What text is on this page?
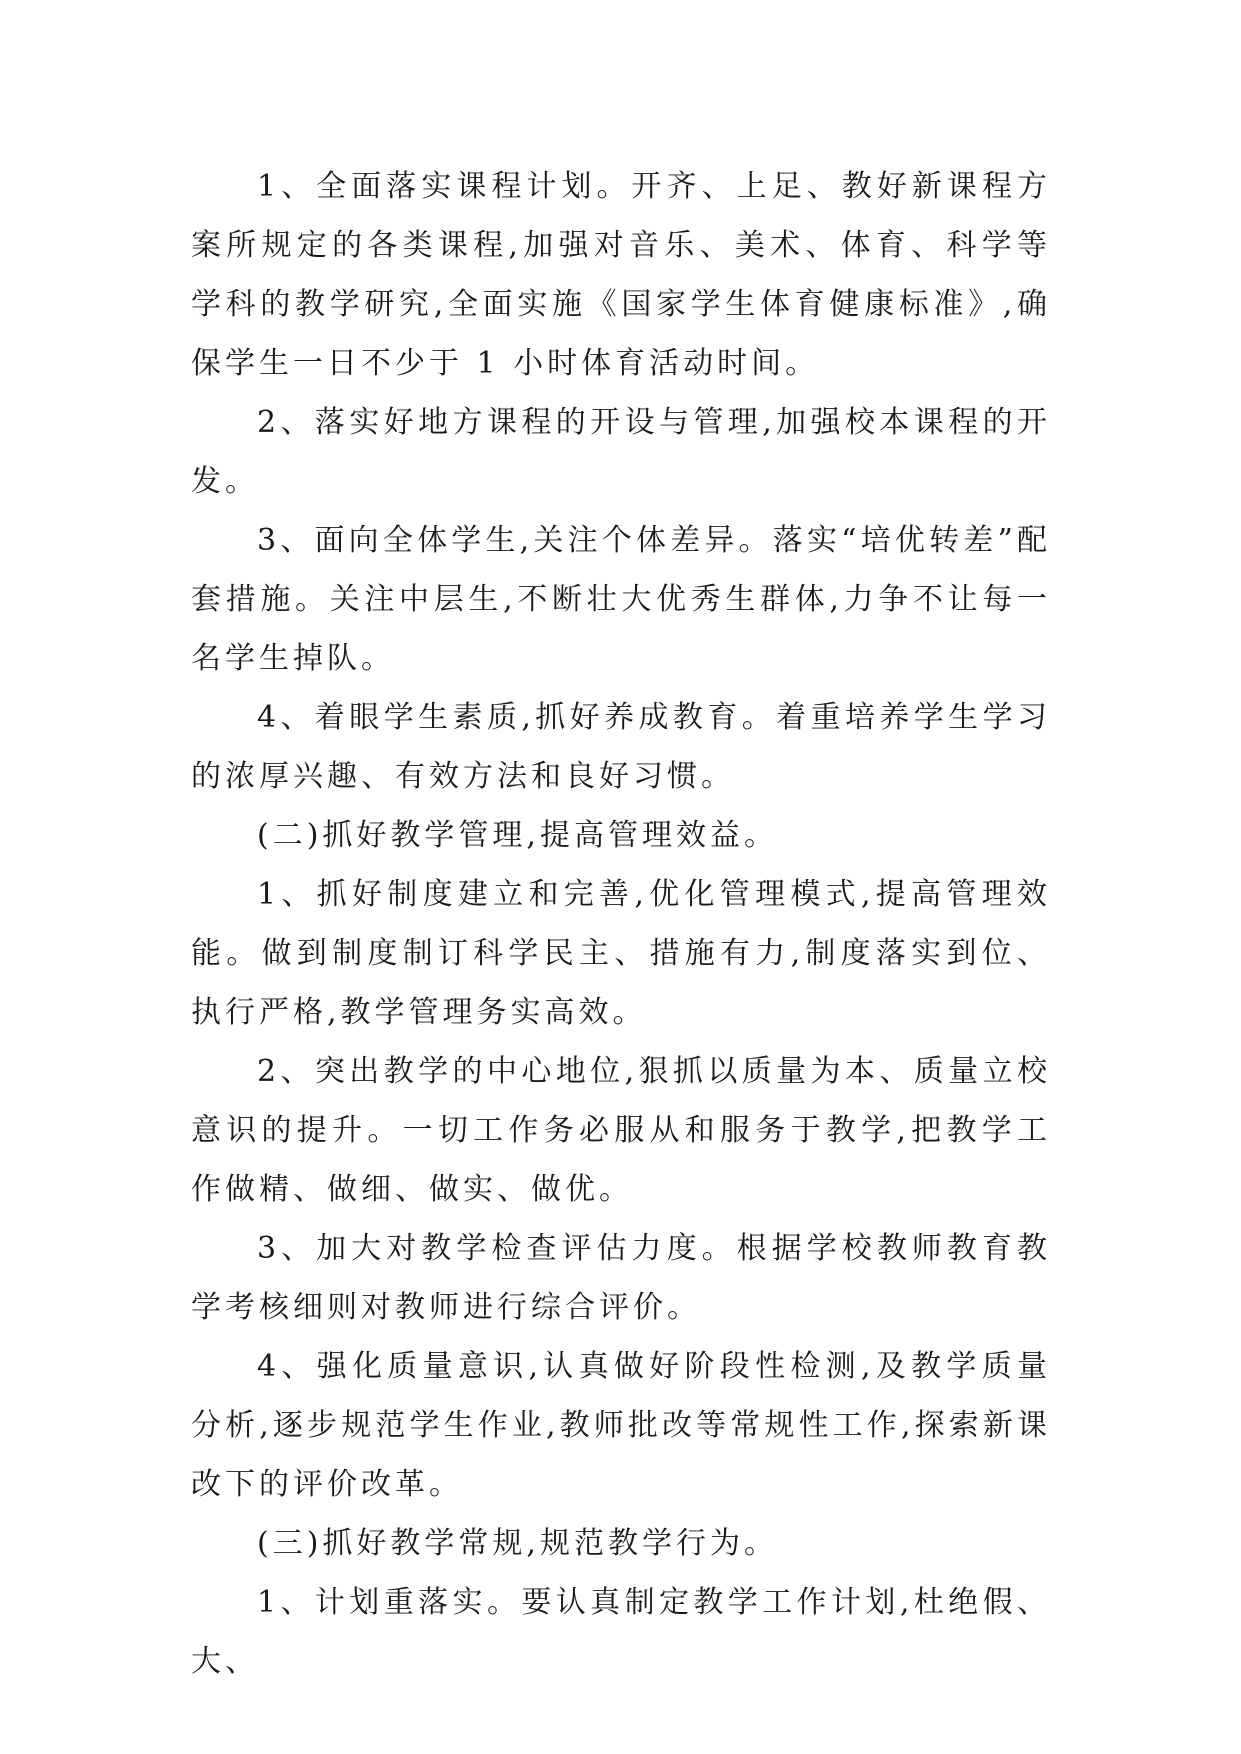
1、全面落实课程计划。开齐、上足、教好新课程方案所规定的各类课程,加强对音乐、美术、体育、科学等学科的教学研究,全面实施《国家学生体育健康标准》,确保学生一日不少于 1 小时体育活动时间。

2、落实好地方课程的开设与管理,加强校本课程的开发。

3、面向全体学生,关注个体差异。落实“培优转差”配套措施。关注中层生,不断壮大优秀生群体,力争不让每一名学生掉队。

4、着眼学生素质,抓好养成教育。着重培养学生学习的浓厚兴趣、有效方法和良好习惯。

(二)抓好教学管理,提高管理效益。

1、抓好制度建立和完善,优化管理模式,提高管理效能。做到制度制订科学民主、措施有力,制度落实到位、执行严格,教学管理务实高效。

2、突出教学的中心地位,狠抓以质量为本、质量立校意识的提升。一切工作务必服从和服务于教学,把教学工作做精、做细、做实、做优。

3、加大对教学检查评估力度。根据学校教师教育教学考核细则对教师进行综合评价。

4、强化质量意识,认真做好阶段性检测,及教学质量分析,逐步规范学生作业,教师批改等常规性工作,探索新课改下的评价改革。

(三)抓好教学常规,规范教学行为。

1、计划重落实。要认真制定教学工作计划,杜绝假、大、
